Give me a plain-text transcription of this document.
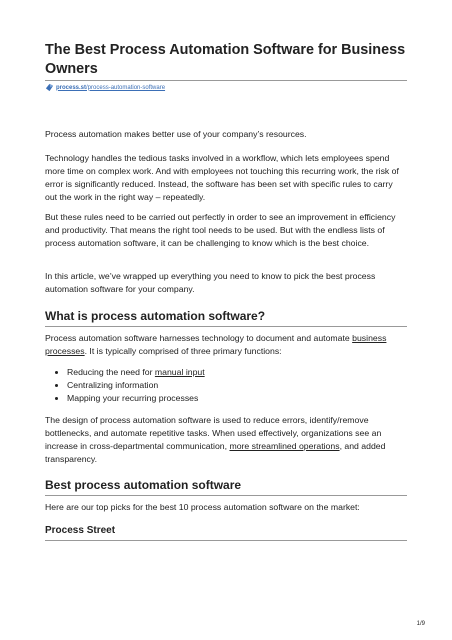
The Best Process Automation Software for Business Owners
process.st/process-automation-software

Process automation makes better use of your company’s resources.

Technology handles the tedious tasks involved in a workflow, which lets employees spend more time on complex work. And with employees not touching this recurring work, the risk of error is significantly reduced. Instead, the software has been set with specific rules to carry out the work in the right way – repeatedly.

But these rules need to be carried out perfectly in order to see an improvement in efficiency and productivity. That means the right tool needs to be used. But with the endless lists of process automation software, it can be challenging to know which is the best choice.

In this article, we’ve wrapped up everything you need to know to pick the best process automation software for your company.

What is process automation software?

Process automation software harnesses technology to document and automate business processes. It is typically comprised of three primary functions:

• Reducing the need for manual input
• Centralizing information
• Mapping your recurring processes

The design of process automation software is used to reduce errors, identify/remove bottlenecks, and automate repetitive tasks. When used effectively, organizations see an increase in cross-departmental communication, more streamlined operations, and added transparency.

Best process automation software

Here are our top picks for the best 10 process automation software on the market:

Process Street
1/9
